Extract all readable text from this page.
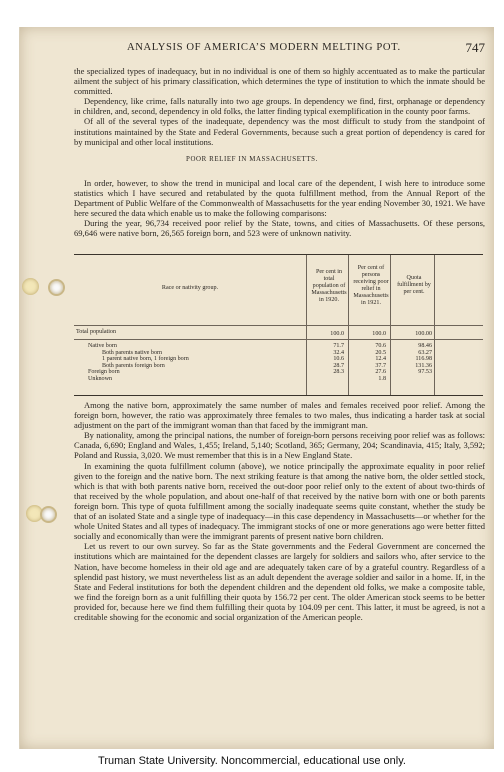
ANALYSIS OF AMERICA’S MODERN MELTING POT.	747

the specialized types of inadequacy, but in no individual is one of them so highly accentuated as to make the particular ailment the subject of his primary classification, which determines the type of institution to which the inmate should be committed.

Dependency, like crime, falls naturally into two age groups. In dependency we find, first, orphanage or dependency in children, and, second, dependency in old folks, the latter finding typical exemplification in the county poor farms.

Of all of the several types of the inadequate, dependency was the most difficult to study from the standpoint of institutions maintained by the State and Federal Governments, because such a great portion of dependency is cared for by municipal and other local institutions.

POOR RELIEF IN MASSACHUSETTS.

In order, however, to show the trend in municipal and local care of the dependent, I wish here to introduce some statistics which I have secured and retabulated by the quota fulfillment method, from the Annual Report of the Department of Public Welfare of the Commonwealth of Massachusetts for the year ending November 30, 1921. We have here secured the data which enable us to make the following comparisons:

During the year, 96,734 received poor relief by the State, towns, and cities of Massachusetts. Of these persons, 69,646 were native born, 26,565 foreign born, and 523 were of unknown nativity.

Race or nativity group.
Per cent in total population of Massachusetts in 1920.
Per cent of persons receiving poor relief in Massachusetts in 1921.
Quota fulfillment by per cent.
Total population	100.0	100.0	100.00
Native born	71.7	70.6	98.46
Both parents native born	32.4	20.5	63.27
1 parent native born, 1 foreign born	10.6	12.4	116.98
Both parents foreign born	28.7	37.7	131.36
Foreign born	28.3	27.6	97.53
Unknown	1.8

Among the native born, approximately the same number of males and females received poor relief. Among the foreign born, however, the ratio was approximately three females to two males, thus indicating a harder task at social adjustment on the part of the immigrant woman than that faced by the immigrant man.

By nationality, among the principal nations, the number of foreign-born persons receiving poor relief was as follows: Canada, 6,690; England and Wales, 1,455; Ireland, 5,140; Scotland, 365; Germany, 204; Scandinavia, 415; Italy, 3,592; Poland and Russia, 3,020. We must remember that this is in a New England State.

In examining the quota fulfillment column (above), we notice principally the approximate equality in poor relief given to the foreign and the native born. The next striking feature is that among the native born, the older settled stock, which is that with both parents native born, received the out-door poor relief only to the extent of about two-thirds of that received by the whole population, and about one-half of that received by the native born with one or both parents foreign born. This type of quota fulfillment among the socially inadequate seems quite constant, whether the study be that of an isolated State and a single type of inadequacy—in this case dependency in Massachusetts—or whether for the whole United States and all types of inadequacy. The immigrant stocks of one or more generations ago were better fitted socially and economically than were the immigrant parents of present native born children.

Let us revert to our own survey. So far as the State governments and the Federal Government are concerned the institutions which are maintained for the dependent classes are largely for soldiers and sailors who, after service to the Nation, have become homeless in their old age and are adequately taken care of by a grateful country. Regardless of a splendid past history, we must nevertheless list as an adult dependent the average soldier and sailor in a home. If, in the State and Federal institutions for both the dependent children and the dependent old folks, we make a composite table, we find the foreign born as a unit fulfilling their quota by 156.72 per cent. The older American stock seems to be better provided for, because here we find them fulfilling their quota by 104.09 per cent. This latter, it must be agreed, is not a creditable showing for the economic and social organization of the American people.

Truman State University. Noncommercial, educational use only.
